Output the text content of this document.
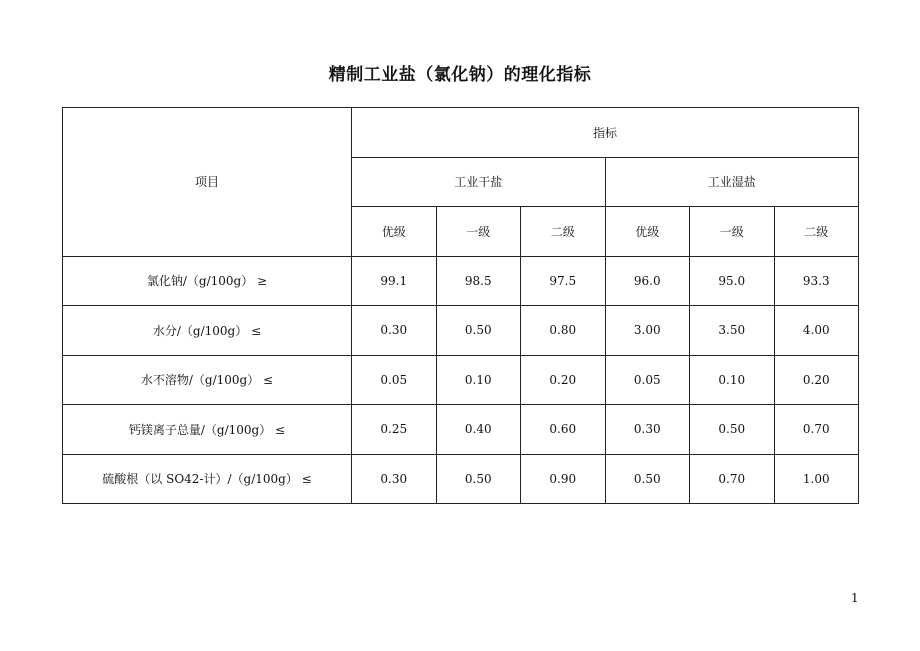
精制工业盐（氯化钠）的理化指标
项目	指标					
	工业干盐			工业湿盐		
	优级	一级	二级	优级	一级	二级
氯化钠/（g/100g） ≥	99.1	98.5	97.5	96.0	95.0	93.3
水分/（g/100g） ≤	0.30	0.50	0.80	3.00	3.50	4.00
水不溶物/（g/100g） ≤	0.05	0.10	0.20	0.05	0.10	0.20
钙镁离子总量/（g/100g） ≤	0.25	0.40	0.60	0.30	0.50	0.70
硫酸根（以 SO42-计）/（g/100g） ≤	0.30	0.50	0.90	0.50	0.70	1.00
1
